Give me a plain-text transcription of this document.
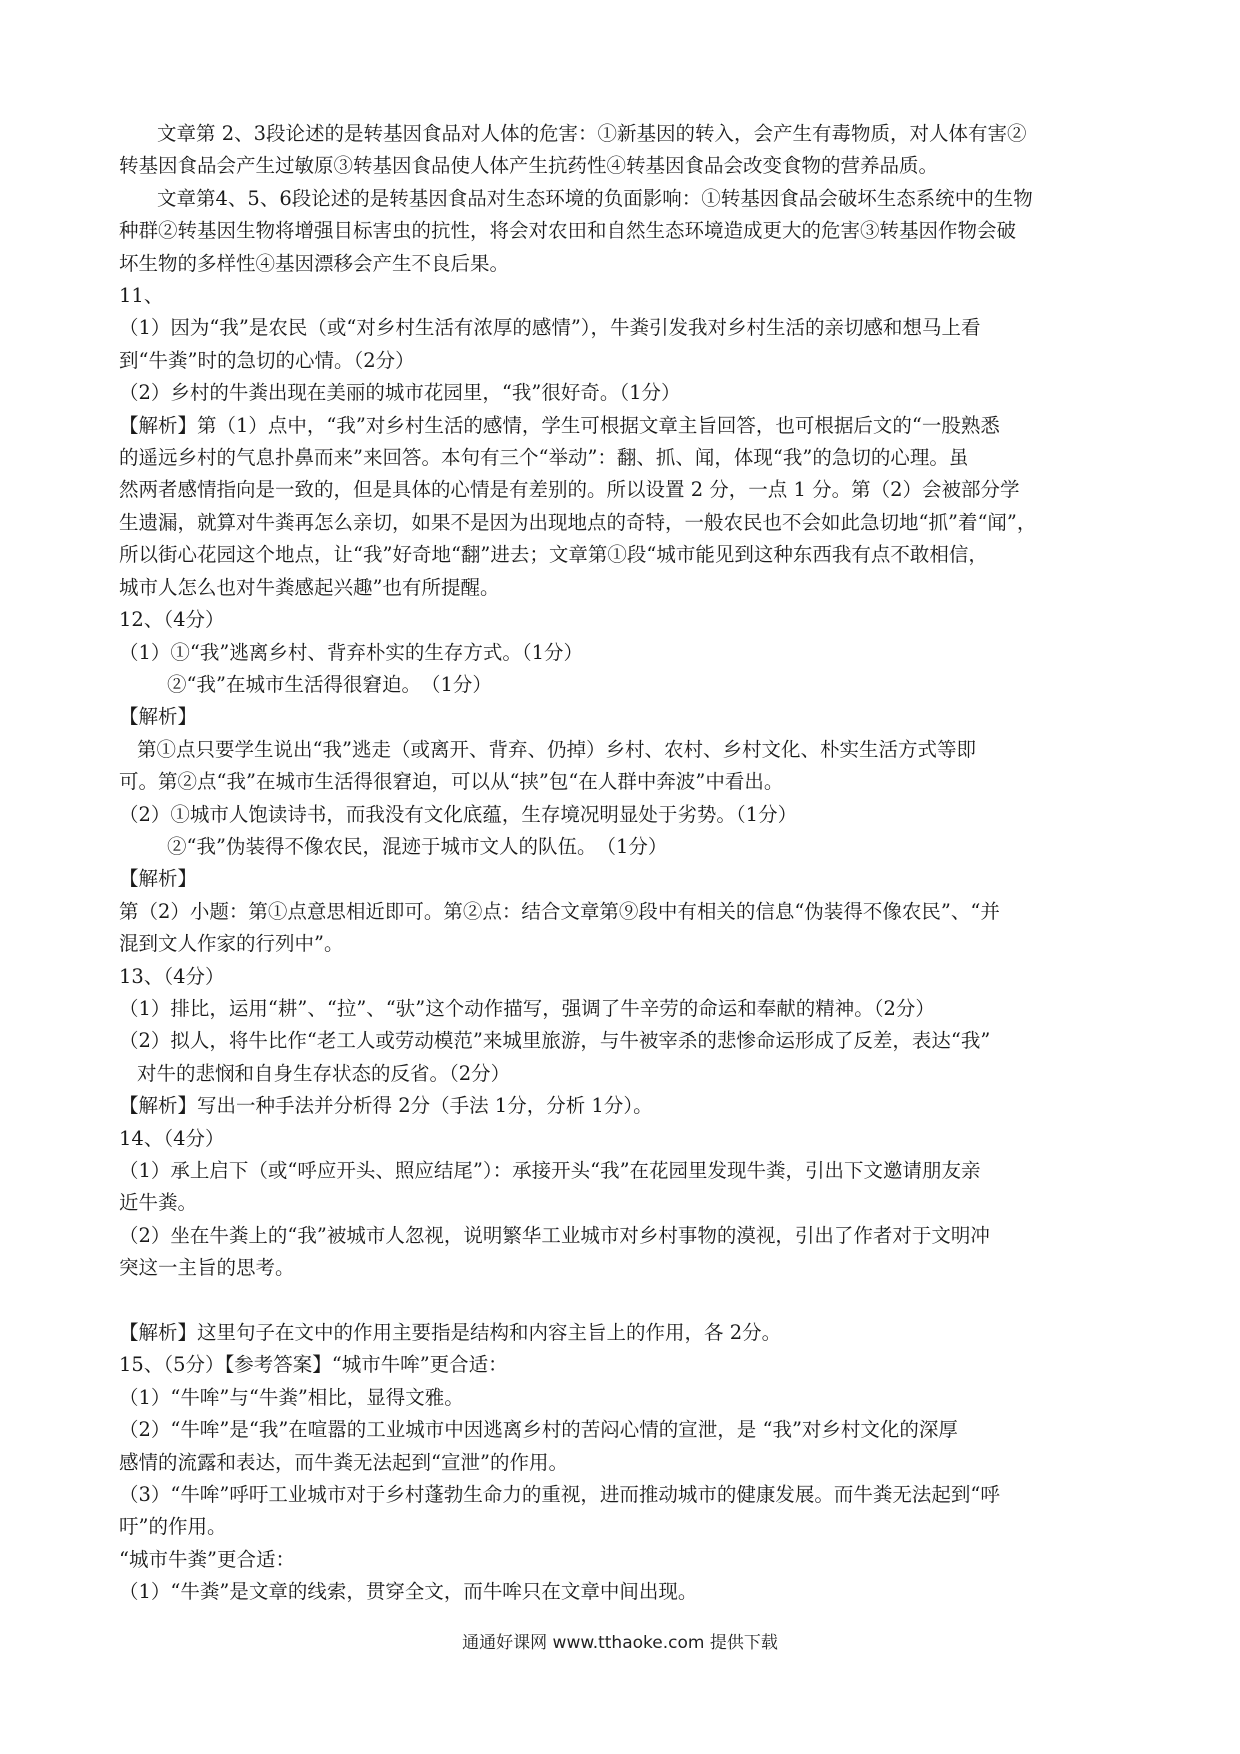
文章第 2、3段论述的是转基因食品对人体的危害：①新基因的转入，会产生有毒物质，对人体有害②
转基因食品会产生过敏原③转基因食品使人体产生抗药性④转基因食品会改变食物的营养品质。
文章第4、5、6段论述的是转基因食品对生态环境的负面影响：①转基因食品会破坏生态系统中的生物
种群②转基因生物将增强目标害虫的抗性，将会对农田和自然生态环境造成更大的危害③转基因作物会破
坏生物的多样性④基因漂移会产生不良后果。
11、
（1）因为“我”是农民（或“对乡村生活有浓厚的感情”），牛粪引发我对乡村生活的亲切感和想马上看
到“牛粪”时的急切的心情。（2分）
（2）乡村的牛粪出现在美丽的城市花园里，“我”很好奇。（1分）
【解析】第（1）点中，“我”对乡村生活的感情，学生可根据文章主旨回答，也可根据后文的“一股熟悉
的遥远乡村的气息扑鼻而来”来回答。本句有三个“举动”：翻、抓、闻，体现“我”的急切的心理。虽
然两者感情指向是一致的，但是具体的心情是有差别的。所以设置 2 分，一点 1 分。第（2）会被部分学
生遗漏，就算对牛粪再怎么亲切，如果不是因为出现地点的奇特，一般农民也不会如此急切地“抓”着“闻”，
所以街心花园这个地点，让“我”好奇地“翻”进去；文章第①段“城市能见到这种东西我有点不敢相信，
城市人怎么也对牛粪感起兴趣”也有所提醒。
12、（4分）
（1）①“我”逃离乡村、背弃朴实的生存方式。（1分）
②“我”在城市生活得很窘迫。　（1分）
【解析】
第①点只要学生说出“我”逃走（或离开、背弃、仍掉）乡村、农村、乡村文化、朴实生活方式等即
可。第②点“我”在城市生活得很窘迫，可以从“挟”包“在人群中奔波”中看出。
（2）①城市人饱读诗书，而我没有文化底蕴，生存境况明显处于劣势。（1分）
②“我”伪装得不像农民，混迹于城市文人的队伍。　（1分）
【解析】
第（2）小题：第①点意思相近即可。第②点：结合文章第⑨段中有相关的信息“伪装得不像农民”、“并
混到文人作家的行列中”。
13、（4分）
（1）排比，运用“耕”、“拉”、“驮”这个动作描写，强调了牛辛劳的命运和奉献的精神。（2分）
（2）拟人，将牛比作“老工人或劳动模范”来城里旅游，与牛被宰杀的悲惨命运形成了反差，表达“我”
对牛的悲悯和自身生存状态的反省。（2分）
【解析】写出一种手法并分析得 2分（手法 1分，分析 1分）。
14、（4分）
（1）承上启下（或“呼应开头、照应结尾”）：承接开头“我”在花园里发现牛粪，引出下文邀请朋友亲
近牛粪。
（2）坐在牛粪上的“我”被城市人忽视，说明繁华工业城市对乡村事物的漠视，引出了作者对于文明冲
突这一主旨的思考。
【解析】这里句子在文中的作用主要指是结构和内容主旨上的作用，各 2分。
15、（5分）【参考答案】“城市牛哞”更合适：
（1）“牛哞”与“牛粪”相比，显得文雅。
（2）“牛哞”是“我”在喧嚣的工业城市中因逃离乡村的苦闷心情的宣泄，是 “我”对乡村文化的深厚
感情的流露和表达，而牛粪无法起到“宣泄”的作用。
（3）“牛哞”呼吁工业城市对于乡村蓬勃生命力的重视，进而推动城市的健康发展。而牛粪无法起到“呼
吁”的作用。
“城市牛粪”更合适：
（1）“牛粪”是文章的线索，贯穿全文，而牛哞只在文章中间出现。
通通好课网 www.tthaoke.com 提供下载
